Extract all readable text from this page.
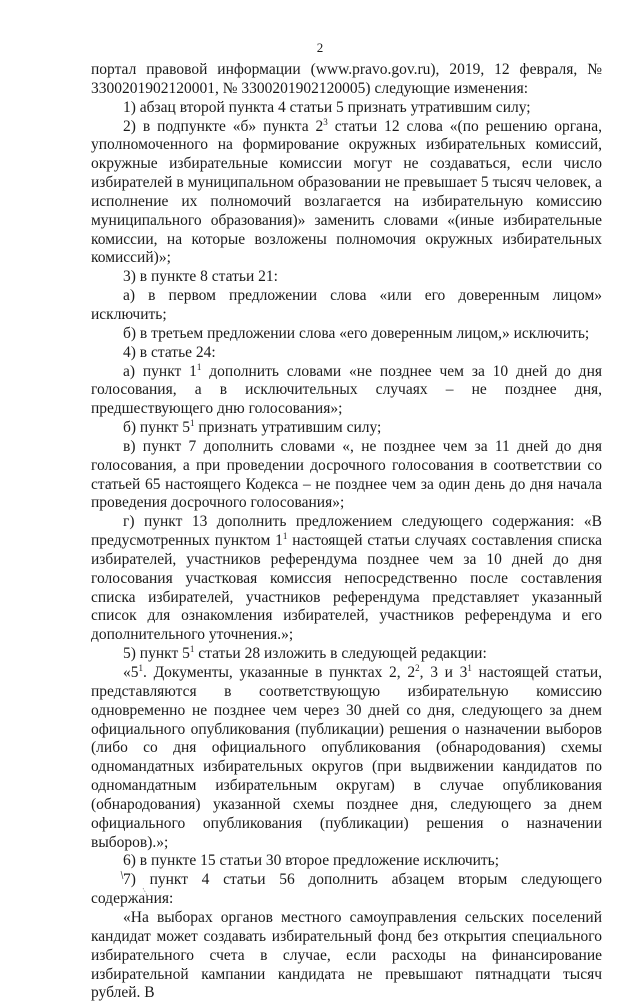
2

портал правовой информации (www.pravo.gov.ru), 2019, 12 февраля, № 3300201902120001, № 3300201902120005) следующие изменения:

1) абзац второй пункта 4 статьи 5 признать утратившим силу;

2) в подпункте «б» пункта $2^3$ статьи 12 слова «(по решению органа, уполномоченного на формирование окружных избирательных комиссий, окружные избирательные комиссии могут не создаваться, если число избирателей в муниципальном образовании не превышает 5 тысяч человек, а исполнение их полномочий возлагается на избирательную комиссию муниципального образования)» заменить словами «(иные избирательные комиссии, на которые возложены полномочия окружных избирательных комиссий)»;

3) в пункте 8 статьи 21:

а) в первом предложении слова «или его доверенным лицом» исключить;

б) в третьем предложении слова «его доверенным лицом,» исключить;

4) в статье 24:

а) пункт $1^1$ дополнить словами «не позднее чем за 10 дней до дня голосования, а в исключительных случаях – не позднее дня, предшествующего дню голосования»;

б) пункт $5^1$ признать утратившим силу;

в) пункт 7 дополнить словами «, не позднее чем за 11 дней до дня голосования, а при проведении досрочного голосования в соответствии со статьей 65 настоящего Кодекса – не позднее чем за один день до дня начала проведения досрочного голосования»;

г) пункт 13 дополнить предложением следующего содержания: «В предусмотренных пунктом $1^1$ настоящей статьи случаях составления списка избирателей, участников референдума позднее чем за 10 дней до дня голосования участковая комиссия непосредственно после составления списка избирателей, участников референдума представляет указанный список для ознакомления избирателей, участников референдума и его дополнительного уточнения.»;

5) пункт $5^1$ статьи 28 изложить в следующей редакции:

«$5^1$. Документы, указанные в пунктах 2, $2^2$, 3 и $3^1$ настоящей статьи, представляются в соответствующую избирательную комиссию одновременно не позднее чем через 30 дней со дня, следующего за днем официального опубликования (публикации) решения о назначении выборов (либо со дня официального опубликования (обнародования) схемы одномандатных избирательных округов (при выдвижении кандидатов по одномандатным избирательным округам) в случае опубликования (обнародования) указанной схемы позднее дня, следующего за днем официального опубликования (публикации) решения о назначении выборов).»;

6) в пункте 15 статьи 30 второе предложение исключить;

7) пункт 4 статьи 56 дополнить абзацем вторым следующего содержания:

«На выборах органов местного самоуправления сельских поселений кандидат может создавать избирательный фонд без открытия специального избирательного счета в случае, если расходы на финансирование избирательной кампании кандидата не превышают пятнадцати тысяч рублей. В
